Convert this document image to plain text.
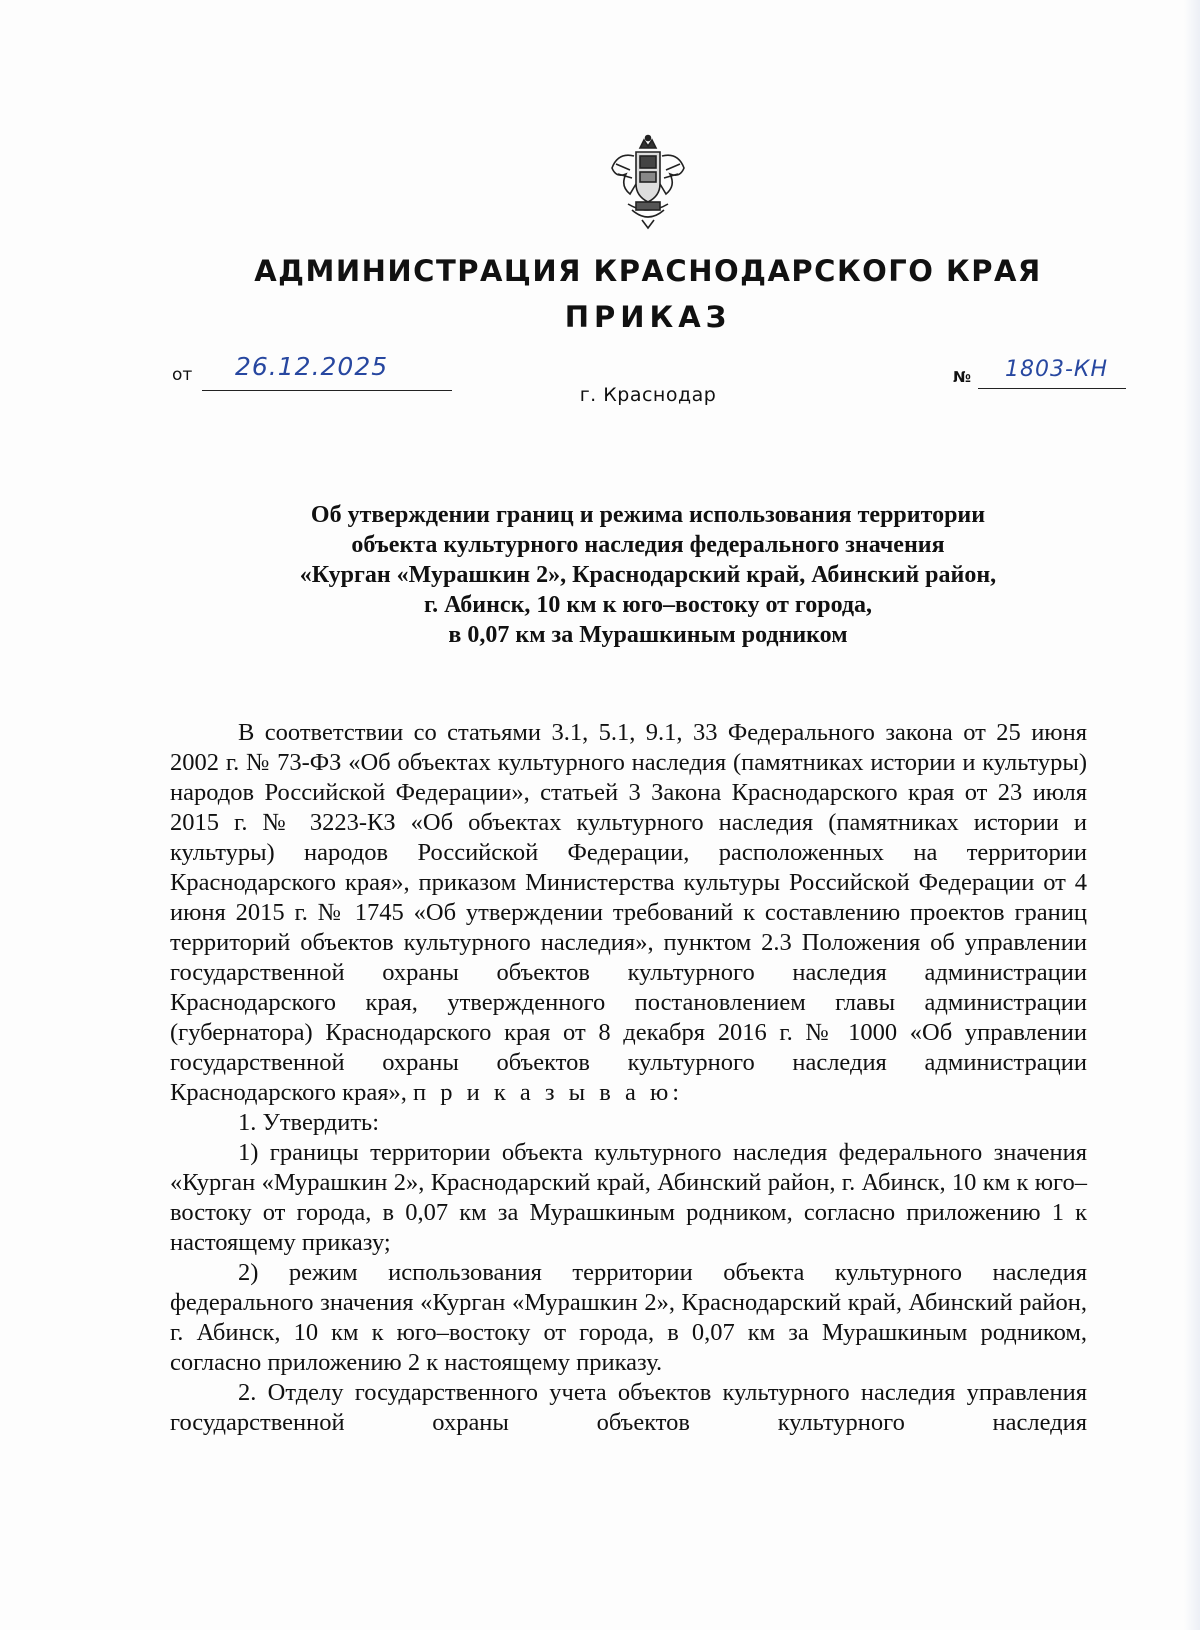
АДМИНИСТРАЦИЯ КРАСНОДАРСКОГО КРАЯ
ПРИКАЗ
от 26.12.2025	№ 1803-КН
г. Краснодар
Об утверждении границ и режима использования территории
объекта культурного наследия федерального значения
«Курган «Мурашкин 2», Краснодарский край, Абинский район,
г. Абинск, 10 км к юго–востоку от города,
в 0,07 км за Мурашкиным родником

В соответствии со статьями 3.1, 5.1, 9.1, 33 Федерального закона от 25 июня 2002 г. № 73-ФЗ «Об объектах культурного наследия (памятниках истории и культуры) народов Российской Федерации», статьей 3 Закона Краснодарского края от 23 июля 2015 г. № 3223-КЗ «Об объектах культурного наследия (памятниках истории и культуры) народов Российской Федерации, расположенных на территории Краснодарского края», приказом Министерства культуры Российской Федерации от 4 июня 2015 г. № 1745 «Об утверждении требований к составлению проектов границ территорий объектов культурного наследия», пунктом 2.3 Положения об управлении государственной охраны объектов культурного наследия администрации Краснодарского края, утвержденного постановлением главы администрации (губернатора) Краснодарского края от 8 декабря 2016 г. № 1000 «Об управлении государственной охраны объектов культурного наследия администрации Краснодарского края», п р и к а з ы в а ю:

1. Утвердить:

1) границы территории объекта культурного наследия федерального значения «Курган «Мурашкин 2», Краснодарский край, Абинский район, г. Абинск, 10 км к юго–востоку от города, в 0,07 км за Мурашкиным родником, согласно приложению 1 к настоящему приказу;

2) режим использования территории объекта культурного наследия федерального значения «Курган «Мурашкин 2», Краснодарский край, Абинский район, г. Абинск, 10 км к юго–востоку от города, в 0,07 км за Мурашкиным родником, согласно приложению 2 к настоящему приказу.

2. Отделу государственного учета объектов культурного наследия управления государственной охраны объектов культурного наследия
